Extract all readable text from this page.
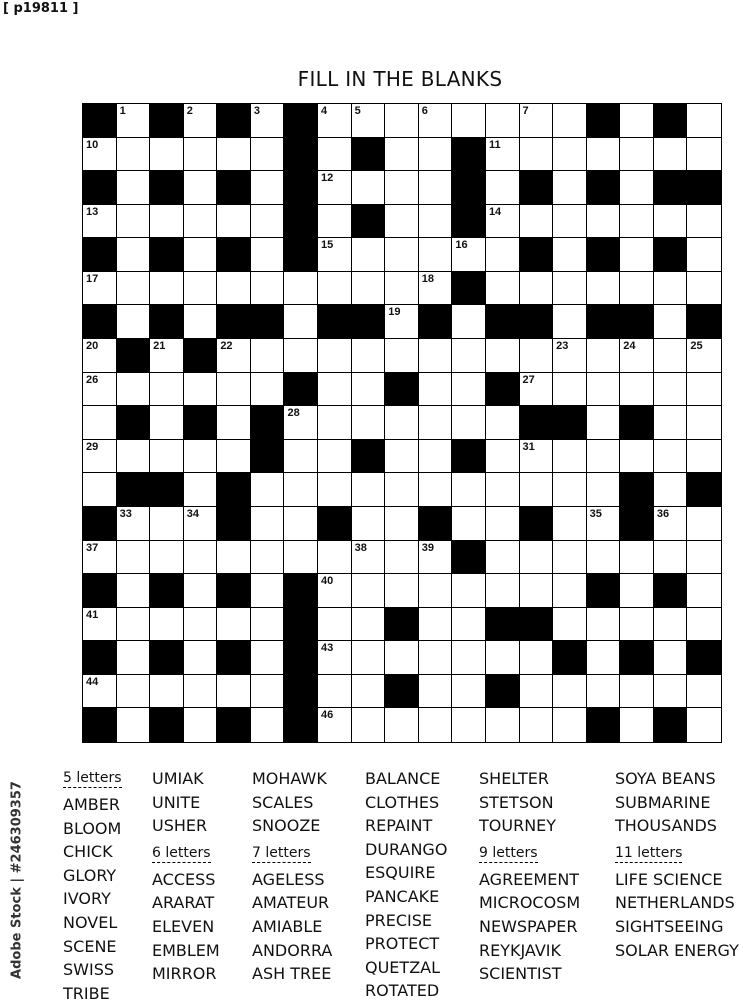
[ p19811 ]
FILL IN THE BLANKS
1	2	3	4 5	6	7
10	11
12
13	14
15	16
17	18
19
20	21	22	23	24	25
26	27
28
29	31
33	34	35	36
37	38	39
40
41
43
44
46
5 letters
AMBER
BLOOM
CHICK
GLORY
IVORY
NOVEL
SCENE
SWISS
TRIBE
UMIAK
UNITE
USHER
6 letters
ACCESS
ARARAT
ELEVEN
EMBLEM
MIRROR
MOHAWK
SCALES
SNOOZE
7 letters
AGELESS
AMATEUR
AMIABLE
ANDORRA
ASH TREE
BALANCE
CLOTHES
REPAINT
DURANGO
ESQUIRE
PANCAKE
PRECISE
PROTECT
QUETZAL
ROTATED
SHELTER
STETSON
TOURNEY
9 letters
AGREEMENT
MICROCOSM
NEWSPAPER
REYKJAVIK
SCIENTIST
SOYA BEANS
SUBMARINE
THOUSANDS
11 letters
LIFE SCIENCE
NETHERLANDS
SIGHTSEEING
SOLAR ENERGY
Adobe Stock | #246309357
